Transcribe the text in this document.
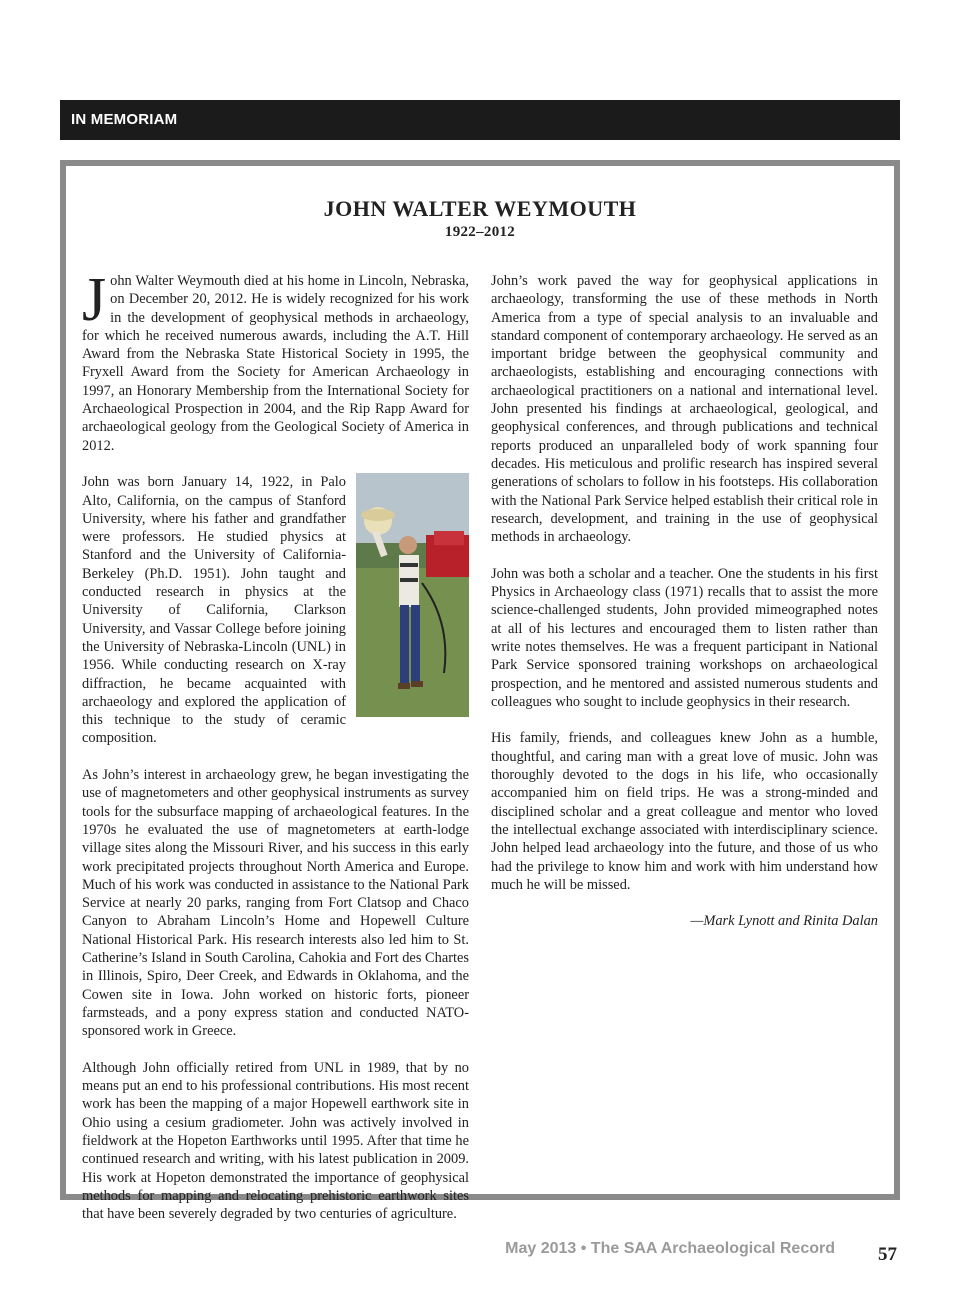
IN MEMORIAM
JOHN WALTER WEYMOUTH
1922–2012

John Walter Weymouth died at his home in Lincoln, Nebraska, on December 20, 2012. He is widely recognized for his work in the development of geophysical methods in archaeology, for which he received numerous awards, including the A.T. Hill Award from the Nebraska State Historical Society in 1995, the Fryxell Award from the Society for American Archaeology in 1997, an Honorary Membership from the International Society for Archaeological Prospection in 2004, and the Rip Rapp Award for archaeological geology from the Geological Society of America in 2012.

John was born January 14, 1922, in Palo Alto, California, on the campus of Stanford University, where his father and grandfather were professors. He studied physics at Stanford and the University of California-Berkeley (Ph.D. 1951). John taught and conducted research in physics at the University of California, Clarkson University, and Vassar College before joining the University of Nebraska-Lincoln (UNL) in 1956. While conducting research on X-ray diffraction, he became acquainted with archaeology and explored the application of this technique to the study of ceramic composition.

As John’s interest in archaeology grew, he began investigating the use of magnetometers and other geophysical instruments as survey tools for the subsurface mapping of archaeological features. In the 1970s he evaluated the use of magnetometers at earth-lodge village sites along the Missouri River, and his success in this early work precipitated projects throughout North America and Europe. Much of his work was conducted in assistance to the National Park Service at nearly 20 parks, ranging from Fort Clatsop and Chaco Canyon to Abraham Lincoln’s Home and Hopewell Culture National Historical Park. His research interests also led him to St. Catherine’s Island in South Carolina, Cahokia and Fort des Chartes in Illinois, Spiro, Deer Creek, and Edwards in Oklahoma, and the Cowen site in Iowa. John worked on historic forts, pioneer farmsteads, and a pony express station and conducted NATO-sponsored work in Greece.

Although John officially retired from UNL in 1989, that by no means put an end to his professional contributions. His most recent work has been the mapping of a major Hopewell earthwork site in Ohio using a cesium gradiometer. John was actively involved in fieldwork at the Hopeton Earthworks until 1995. After that time he continued research and writing, with his latest publication in 2009. His work at Hopeton demonstrated the importance of geophysical methods for mapping and relocating prehistoric earthwork sites that have been severely degraded by two centuries of agriculture.

John’s work paved the way for geophysical applications in archaeology, transforming the use of these methods in North America from a type of special analysis to an invaluable and standard component of contemporary archaeology. He served as an important bridge between the geophysical community and archaeologists, establishing and encouraging connections with archaeological practitioners on a national and international level. John presented his findings at archaeological, geological, and geophysical conferences, and through publications and technical reports produced an unparalleled body of work spanning four decades. His meticulous and prolific research has inspired several generations of scholars to follow in his footsteps. His collaboration with the National Park Service helped establish their critical role in research, development, and training in the use of geophysical methods in archaeology.

John was both a scholar and a teacher. One the students in his first Physics in Archaeology class (1971) recalls that to assist the more science-challenged students, John provided mimeographed notes at all of his lectures and encouraged them to listen rather than write notes themselves. He was a frequent participant in National Park Service sponsored training workshops on archaeological prospection, and he mentored and assisted numerous students and colleagues who sought to include geophysics in their research.

His family, friends, and colleagues knew John as a humble, thoughtful, and caring man with a great love of music. John was thoroughly devoted to the dogs in his life, who occasionally accompanied him on field trips. He was a strong-minded and disciplined scholar and a great colleague and mentor who loved the intellectual exchange associated with interdisciplinary science. John helped lead archaeology into the future, and those of us who had the privilege to know him and work with him understand how much he will be missed.

—Mark Lynott and Rinita Dalan

May 2013 • The SAA Archaeological Record 57
